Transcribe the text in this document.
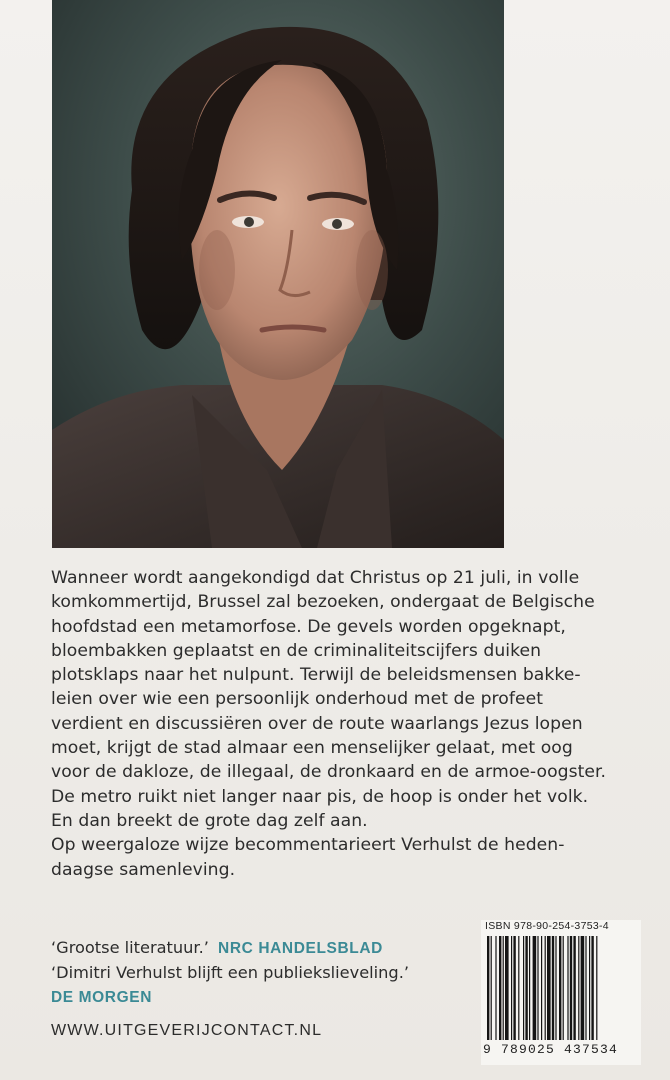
Wanneer wordt aangekondigd dat Christus op 21 juli, in volle
komkommertijd, Brussel zal bezoeken, ondergaat de Belgische
hoofdstad een metamorfose. De gevels worden opgeknapt,
bloembakken geplaatst en de criminaliteitscijfers duiken
plotsklaps naar het nulpunt. Terwijl de beleidsmensen bakke-
leien over wie een persoonlijk onderhoud met de profeet
verdient en discussiëren over de route waarlangs Jezus lopen
moet, krijgt de stad almaar een menselijker gelaat, met oog
voor de dakloze, de illegaal, de dronkaard en de armoe-oogster.
De metro ruikt niet langer naar pis, de hoop is onder het volk.
En dan breekt de grote dag zelf aan.
Op weergaloze wijze becommentarieert Verhulst de heden-
daagse samenleving.
‘Grootse literatuur.’ NRC HANDELSBLAD
‘Dimitri Verhulst blijft een publiekslieveling.’
DE MORGEN
WWW.UITGEVERIJCONTACT.NL
ISBN 978-90-254-3753-4
9 789025 437534
